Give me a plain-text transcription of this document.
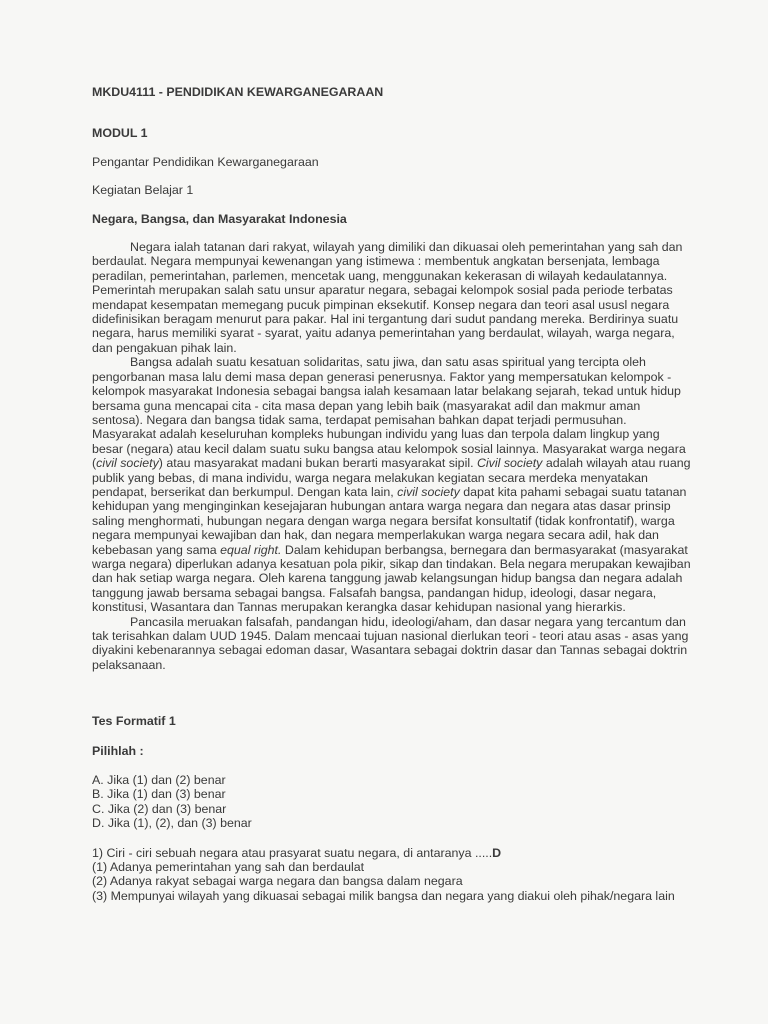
MKDU4111 - PENDIDIKAN KEWARGANEGARAAN
MODUL 1
Pengantar Pendidikan Kewarganegaraan
Kegiatan Belajar 1
Negara, Bangsa, dan Masyarakat Indonesia

Negara ialah tatanan dari rakyat, wilayah yang dimiliki dan dikuasai oleh pemerintahan yang sah dan berdaulat. Negara mempunyai kewenangan yang istimewa : membentuk angkatan bersenjata, lembaga peradilan, pemerintahan, parlemen, mencetak uang, menggunakan kekerasan di wilayah kedaulatannya. Pemerintah merupakan salah satu unsur aparatur negara, sebagai kelompok sosial pada periode terbatas mendapat kesempatan memegang pucuk pimpinan eksekutif. Konsep negara dan teori asal ususl negara didefinisikan beragam menurut para pakar. Hal ini tergantung dari sudut pandang mereka. Berdirinya suatu negara, harus memiliki syarat - syarat, yaitu adanya pemerintahan yang berdaulat, wilayah, warga negara, dan pengakuan pihak lain.

Bangsa adalah suatu kesatuan solidaritas, satu jiwa, dan satu asas spiritual yang tercipta oleh pengorbanan masa lalu demi masa depan generasi penerusnya. Faktor yang mempersatukan kelompok - kelompok masyarakat Indonesia sebagai bangsa ialah kesamaan latar belakang sejarah, tekad untuk hidup bersama guna mencapai cita - cita masa depan yang lebih baik (masyarakat adil dan makmur aman sentosa). Negara dan bangsa tidak sama, terdapat pemisahan bahkan dapat terjadi permusuhan. Masyarakat adalah keseluruhan kompleks hubungan individu yang luas dan terpola dalam lingkup yang besar (negara) atau kecil dalam suatu suku bangsa atau kelompok sosial lainnya. Masyarakat warga negara (civil society) atau masyarakat madani bukan berarti masyarakat sipil. Civil society adalah wilayah atau ruang publik yang bebas, di mana individu, warga negara melakukan kegiatan secara merdeka menyatakan pendapat, berserikat dan berkumpul. Dengan kata lain, civil society dapat kita pahami sebagai suatu tatanan kehidupan yang menginginkan kesejajaran hubungan antara warga negara dan negara atas dasar prinsip saling menghormati, hubungan negara dengan warga negara bersifat konsultatif (tidak konfrontatif), warga negara mempunyai kewajiban dan hak, dan negara memperlakukan warga negara secara adil, hak dan kebebasan yang sama equal right. Dalam kehidupan berbangsa, bernegara dan bermasyarakat (masyarakat warga negara) diperlukan adanya kesatuan pola pikir, sikap dan tindakan. Bela negara merupakan kewajiban dan hak setiap warga negara. Oleh karena tanggung jawab kelangsungan hidup bangsa dan negara adalah tanggung jawab bersama sebagai bangsa. Falsafah bangsa, pandangan hidup, ideologi, dasar negara, konstitusi, Wasantara dan Tannas merupakan kerangka dasar kehidupan nasional yang hierarkis.

Pancasila meruakan falsafah, pandangan hidu, ideologi/aham, dan dasar negara yang tercantum dan tak terisahkan dalam UUD 1945. Dalam mencaai tujuan nasional dierlukan teori - teori atau asas - asas yang diyakini kebenarannya sebagai edoman dasar, Wasantara sebagai doktrin dasar dan Tannas sebagai doktrin pelaksanaan.

Tes Formatif 1
Pilihlah :
A. Jika (1) dan (2) benar
B. Jika (1) dan (3) benar
C. Jika (2) dan (3) benar
D. Jika (1), (2), dan (3) benar
1) Ciri - ciri sebuah negara atau prasyarat suatu negara, di antaranya .....D
(1) Adanya pemerintahan yang sah dan berdaulat
(2) Adanya rakyat sebagai warga negara dan bangsa dalam negara
(3) Mempunyai wilayah yang dikuasai sebagai milik bangsa dan negara yang diakui oleh pihak/negara lain
